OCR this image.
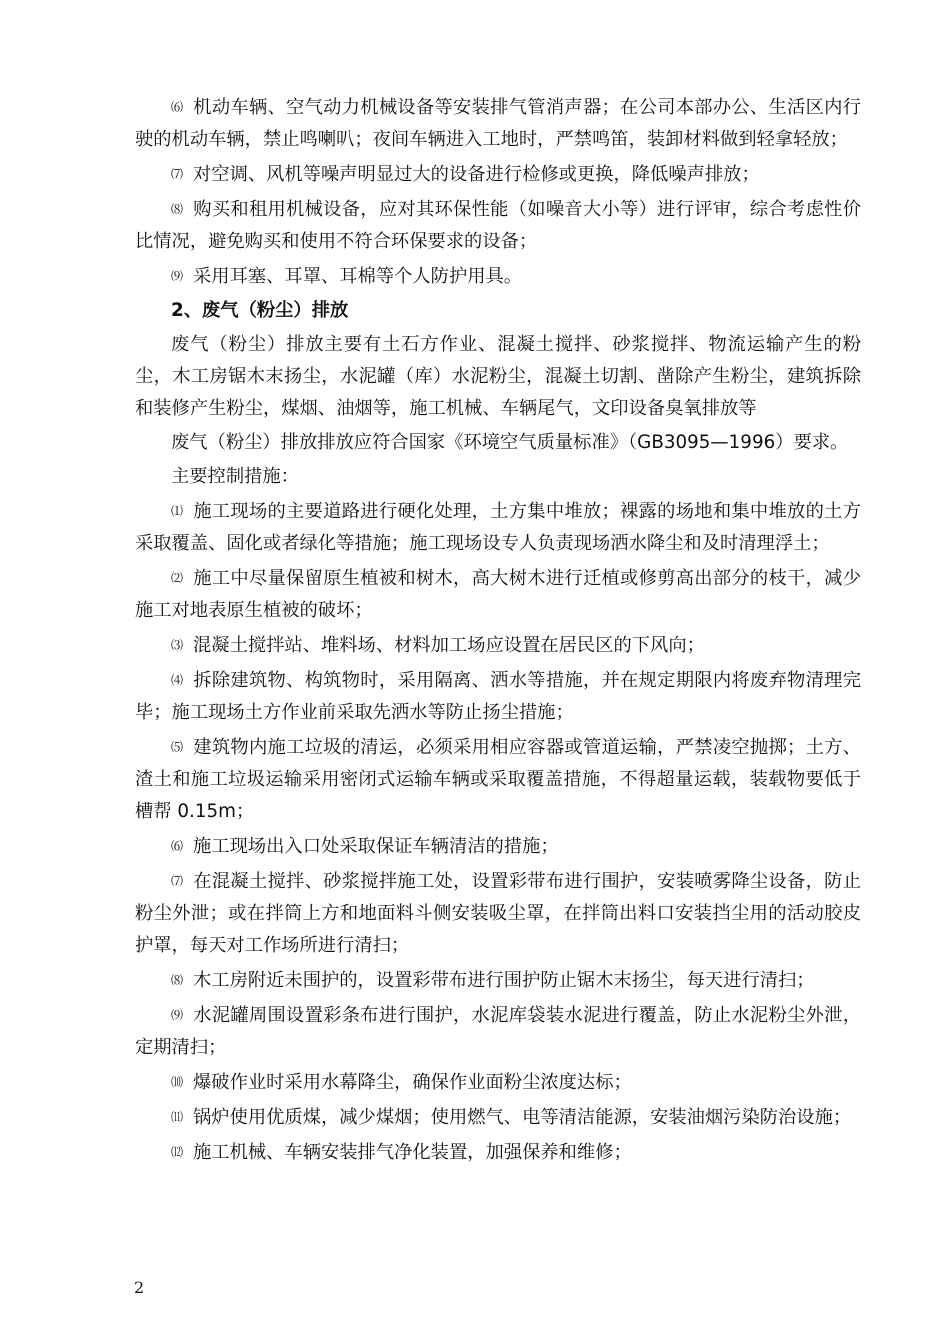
⑹ 机动车辆、空气动力机械设备等安装排气管消声器；在公司本部办公、生活区内行驶的机动车辆，禁止鸣喇叭；夜间车辆进入工地时，严禁鸣笛，装卸材料做到轻拿轻放；

⑺ 对空调、风机等噪声明显过大的设备进行检修或更换，降低噪声排放；

⑻ 购买和租用机械设备，应对其环保性能（如噪音大小等）进行评审，综合考虑性价比情况，避免购买和使用不符合环保要求的设备；

⑼ 采用耳塞、耳罩、耳棉等个人防护用具。

2、废气（粉尘）排放

废气（粉尘）排放主要有土石方作业、混凝土搅拌、砂浆搅拌、物流运输产生的粉尘，木工房锯木末扬尘，水泥罐（库）水泥粉尘，混凝土切割、凿除产生粉尘，建筑拆除和装修产生粉尘，煤烟、油烟等，施工机械、车辆尾气，文印设备臭氧排放等

废气（粉尘）排放排放应符合国家《环境空气质量标准》（GB3095—1996）要求。

主要控制措施：

⑴ 施工现场的主要道路进行硬化处理，土方集中堆放；裸露的场地和集中堆放的土方采取覆盖、固化或者绿化等措施；施工现场设专人负责现场洒水降尘和及时清理浮土；

⑵ 施工中尽量保留原生植被和树木，高大树木进行迁植或修剪高出部分的枝干，减少施工对地表原生植被的破坏；

⑶ 混凝土搅拌站、堆料场、材料加工场应设置在居民区的下风向；

⑷ 拆除建筑物、构筑物时，采用隔离、洒水等措施，并在规定期限内将废弃物清理完毕；施工现场土方作业前采取先洒水等防止扬尘措施；

⑸ 建筑物内施工垃圾的清运，必须采用相应容器或管道运输，严禁凌空抛掷；土方、渣土和施工垃圾运输采用密闭式运输车辆或采取覆盖措施，不得超量运载，装载物要低于槽帮 0.15m；

⑹ 施工现场出入口处采取保证车辆清洁的措施；

⑺ 在混凝土搅拌、砂浆搅拌施工处，设置彩带布进行围护，安装喷雾降尘设备，防止粉尘外泄；或在拌筒上方和地面料斗侧安装吸尘罩，在拌筒出料口安装挡尘用的活动胶皮护罩，每天对工作场所进行清扫；

⑻ 木工房附近未围护的，设置彩带布进行围护防止锯木末扬尘，每天进行清扫；

⑼ 水泥罐周围设置彩条布进行围护，水泥库袋装水泥进行覆盖，防止水泥粉尘外泄，定期清扫；

⑽ 爆破作业时采用水幕降尘，确保作业面粉尘浓度达标；

⑾ 锅炉使用优质煤，减少煤烟；使用燃气、电等清洁能源，安装油烟污染防治设施；

⑿ 施工机械、车辆安装排气净化装置，加强保养和维修；

2
